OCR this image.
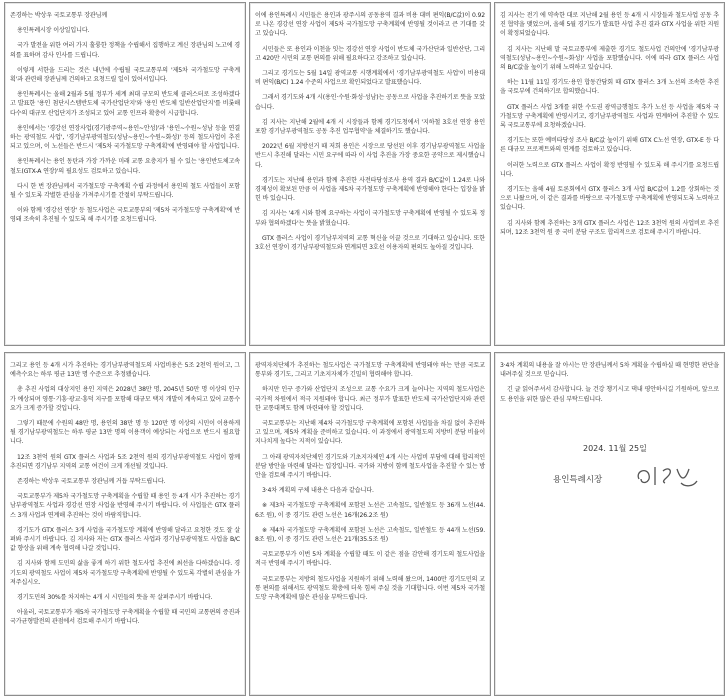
존경하는 박상우 국토교통부 장관님께

용인특례시장 이상일입니다.

국가 발전을 위한 여러 가지 훌륭한 정책을 수립해서 집행하고 계신 장관님의 노고에 경의를 표하며 감사 인사를 드립니다.

이렇게 서한을 드리는 것은 내년에 수립될 국토교통부의 '제5차 국가철도망 구축계획'과 관련해 장관님께 건의하고 요청드릴 일이 있어서입니다.

용인특례시는 올해 2월과 5월 정부가 세계 최대 규모의 반도체 클러스터로 조성하겠다고 발표한 '용인 첨단시스템반도체 국가산업단지'와 '용인 반도체 일반산업단지'를 비롯해 다수의 대규모 산업단지가 조성되고 있어 교통 인프라 확충이 시급합니다.

용인에서는 '경강선 연장사업(경기광주역~용인~안성)'과 '용인~수원~성남 등을 연결하는 광역철도 사업', '경기남부광역철도(성남~용인~수원~화성)' 등의 철도사업이 추진되고 있으며, 이 노선들은 반드시 '제5차 국가철도망 구축계획'에 반영돼야 할 사업입니다.

용인특례시는 용인 동탄과 가장 가까운 미래 교통 요충지가 될 수 있는 '용인반도체고속철도(GTX-A 연장)'의 필요성도 검토하고 있습니다.

다시 한 번 장관님께서 국가철도망 구축계획 수립 과정에서 용인의 철도 사업들이 포함될 수 있도록 각별한 관심을 가져주시기를 간절히 부탁드립니다.

이와 함께 '경강선 연장' 등 철도사업은 국토교통부의 '제5차 국가철도망 구축계획'에 반영돼 조속히 추진될 수 있도록 해 주시기를 요청드립니다.

이에 용인특례시 시민들은 용인과 광주시의 공동용역 결과 비용 대비 편익(B/C값)이 0.92로 나온 경강선 연장 사업이 제5차 국가철도망 구축계획에 반영될 것이라고 큰 기대를 갖고 있습니다.

시민들은 또 용인과 이천을 잇는 경강선 연장 사업이 반도체 국가산단과 일반산단, 그리고 420만 시민의 교통 편의를 위해 필요하다고 강조하고 있습니다.

그리고 경기도는 5월 14일 광역교통 시행계획에서 '경기남부광역철도 사업'이 비용대비 편익(B/C) 1.24 수준의 사업으로 확인되었다고 발표했습니다.

그래서 경기도와 4개 시(용인·수원·화성·성남)는 공동으로 사업을 추진하기로 뜻을 모았습니다.

김 지사는 지난해 2월에 4개 시 시장들과 함께 경기도청에서 '지하철 3호선 연장 용인 포함 경기남부광역철도 공동 추진 업무협약'을 체결하기도 했습니다.

2022년 6월 지방선거 때 저희 용인은 시장으로 당선된 이후 경기남부광역철도 사업을 반드시 추진해 달라는 시민 요구에 따라 이 사업 추진을 가장 중요한 공약으로 제시했습니다.

경기도는 지난해 용인과 함께 추진한 사전타당성조사 용역 결과 B/C값이 1.24로 나와 경제성이 확보된 만큼 이 사업을 제5차 국가철도망 구축계획에 반영해야 한다는 입장을 밝힌 바 있습니다.

김 지사는 '4개 시와 함께 요구하는 사업이 국가철도망 구축계획에 반영될 수 있도록 정부와 협의하겠다'는 뜻을 밝혔습니다.

GTX 플러스 사업이 경기남부지역의 교통 혁신을 이끌 것으로 기대하고 있습니다. 또한 3호선 연장이 경기남부광역철도와 연계되면 3호선 이용자의 편의도 높아질 것입니다.

김 지사는 전기 에 약속한 대로 지난해 2월 용인 등 4개 시 시장들과 철도사업 공동 추진 협약을 맺었으며, 올해 5월 경기도가 발표한 사업 추진 결과 GTX 사업을 위한 지원이 확정되었습니다.

김 지사는 지난해 말 국토교통부에 제출한 경기도 철도사업 건의안에 '경기남부광역철도(성남~용인~수원~화성)' 사업을 포함했습니다. 이에 따라 GTX 플러스 사업의 B/C값을 높이기 위해 노력하고 있습니다.

하는 11월 11일 경기도·용인 합동간담회 때 GTX 플러스 3개 노선의 조속한 추진을 국토부에 건의하기로 합의했습니다.

GTX 플러스 사업 3개를 위한 수도권 광역급행철도 추가 노선 등 사업을 제5차 국가철도망 구축계획에 반영시키고, 경기남부광역철도 사업과 연계하여 추진할 수 있도록 국토교통부에 요청하겠습니다.

경기도는 또한 예비타당성 조사 B/C값 높이기 위해 GTX C노선 연장, GTX-E 등 다른 대규모 프로젝트와의 연계를 검토하고 있습니다.

이러한 노력으로 GTX 플러스 사업이 확정 반영될 수 있도록 해 주시기를 요청드립니다.

경기도는 올해 4월 토론회에서 GTX 플러스 3개 사업 B/C값이 1.2를 상회하는 것으로 나왔으며, 이 같은 결과를 바탕으로 국가철도망 구축계획에 반영되도록 노력하고 있습니다.

김 지사와 함께 추진하는 3개 GTX 플러스 사업은 12조 3천억 원의 사업비로 추진되며, 12조 3천억 원 중 국비 분담 구조도 합리적으로 검토해 주시기 바랍니다.

그리고 용인 등 4개 시가 추진하는 경기남부광역철도의 사업비용은 5조 2천억 원이고, 그 예측수요는 하루 평균 13만 명 수준으로 추정됐습니다.

총 추진 사업의 대상지인 용인 지역은 2028년 38만 명, 2045년 50만 명 이상의 인구가 예상되며 영통·기흥·광교·흥덕 지구를 포함해 대규모 택지 개발이 계속되고 있어 교통수요가 크게 증가할 것입니다.

그렇기 때문에 수원의 48만 명, 용인의 38만 명 등 120만 명 이상의 시민이 이용하게 될 경기남부광역철도는 하루 평균 13만 명의 이용객이 예상되는 사업으로 반드시 필요합니다.

12조 3천억 원의 GTX 플러스 사업과 5조 2천억 원의 경기남부광역철도 사업이 함께 추진되면 경기남부 지역의 교통 여건이 크게 개선될 것입니다.

존경하는 박상우 국토교통부 장관님께 거듭 부탁드립니다.

국토교통부가 제5차 국가철도망 구축계획을 수립할 때 용인 등 4개 시가 추진하는 경기남부광역철도 사업과 경강선 연장 사업을 반영해 주시기 바랍니다. 이 사업들은 GTX 플러스 3개 사업과 연계해 추진하는 것이 바람직합니다.

경기도가 GTX 플러스 3개 사업을 국가철도망 계획에 반영해 달라고 요청한 것도 잘 살펴봐 주시기 바랍니다. 김 지사와 저는 GTX 플러스 사업과 경기남부광역철도 사업을 B/C값 향상을 위해 계속 협력해 나갈 것입니다.

김 지사와 함께 도민의 삶을 좋게 하기 위한 철도사업 추진에 최선을 다하겠습니다. 경기도의 광역철도 사업이 제5차 국가철도망 구축계획에 반영될 수 있도록 각별히 관심을 가져주십시오.

경기도민의 30%를 차지하는 4개 시 시민들의 뜻을 꼭 살펴주시기 바랍니다.

아울러, 국토교통부가 제5차 국가철도망 구축계획을 수립할 때 국민의 교통편의 증진과 국가균형발전의 관점에서 검토해 주시기 바랍니다.

광역자치단체가 추진하는 철도사업은 국가철도망 구축계획에 반영돼야 하는 만큼 국토교통부와 경기도, 그리고 기초지자체가 긴밀히 협력해야 합니다.

하지만 인구 증가와 산업단지 조성으로 교통 수요가 크게 늘어나는 지역의 철도사업은 국가적 차원에서 적극 지원돼야 합니다. 최근 정부가 발표한 반도체 국가산업단지와 관련한 교통대책도 함께 마련돼야 할 것입니다.

국토교통부는 지난해 제4차 국가철도망 구축계획에 포함된 사업들을 차질 없이 추진하고 있으며, 제5차 계획을 준비하고 있습니다. 이 과정에서 광역철도의 지방비 분담 비율이 지나치게 높다는 지적이 있습니다.

그 아래 광역자치단체인 경기도와 기초지자체인 4개 시는 사업비 부담에 대해 합리적인 분담 방안을 마련해 달라는 입장입니다. 국가와 지방이 함께 철도사업을 추진할 수 있는 방안을 검토해 주시기 바랍니다.

3·4차 계획의 구체 내용은 다음과 같습니다.

※ 제3차 국가철도망 구축계획에 포함된 노선은 고속철도, 일반철도 등 36개 노선(44.6조 원), 이 중 경기도 관련 노선은 16개(26.2조 원)

※ 제4차 국가철도망 구축계획에 포함된 노선은 고속철도, 일반철도 등 44개 노선(59.8조 원), 이 중 경기도 관련 노선은 21개(35.5조 원)

국토교통부가 이번 5차 계획을 수립할 때도 이 같은 점을 감안해 경기도의 철도사업을 적극 반영해 주시기 바랍니다.

국토교통부는 지방의 철도사업을 지원하기 위해 노력해 왔으며, 1400만 경기도민의 교통 편의를 위해서도 광역철도 확충에 더욱 힘써 주실 것을 기대합니다. 이번 제5차 국가철도망 구축계획에 많은 관심을 부탁드립니다.

3·4차 계획의 내용을 잘 아시는 만 장관님께서 5차 계획을 수립하실 때 현명한 판단을 내려주실 것으로 믿습니다.

긴 글 읽어주셔서 감사합니다. 늘 건강 챙기시고 댁내 평안하시길 기원하며, 앞으로도 용인을 위한 많은 관심 부탁드립니다.

2024. 11월 25일
용인특례시장
